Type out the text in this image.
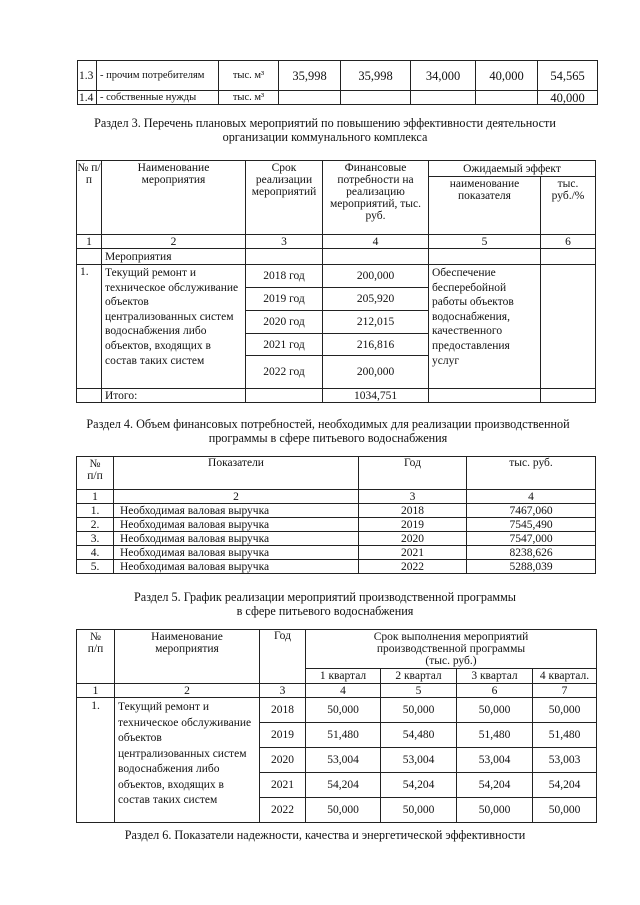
1.3	- прочим потребителям	тыс. м³	35,998	35,998	34,000	40,000	54,565
1.4	- собственные нужды	тыс. м³					40,000
Раздел 3. Перечень плановых мероприятий по повышению эффективности деятельности
организации коммунального комплекса
№ п/п	Наименование мероприятия	Срок реализации мероприятий	Финансовые потребности на реализацию мероприятий, тыс. руб.	Ожидаемый эффект	
				наименование показателя	тыс. руб./%
1	2	3	4	5	6
	Мероприятия				
1.	Текущий ремонт и техническое обслуживание объектов централизованных систем водоснабжения либо объектов, входящих в состав таких систем	2018 год	200,000	Обеспечение бесперебойной работы объектов водоснабжения, качественного предоставления услуг	
		2019 год	205,920		
		2020 год	212,015		
		2021 год	216,816		
		2022 год	200,000		
	Итого:		1034,751		
Раздел 4. Объем финансовых потребностей, необходимых для реализации производственной
программы в сфере питьевого водоснабжения
№ п/п	Показатели	Год	тыс. руб.
1	2	3	4
1.	Необходимая валовая выручка	2018	7467,060
2.	Необходимая валовая выручка	2019	7545,490
3.	Необходимая валовая выручка	2020	7547,000
4.	Необходимая валовая выручка	2021	8238,626
5.	Необходимая валовая выручка	2022	5288,039
Раздел 5. График реализации мероприятий производственной программы
в сфере питьевого водоснабжения
№ п/п	Наименование мероприятия	Год	Срок выполнения мероприятий производственной программы (тыс. руб.)			
			1 квартал	2 квартал	3 квартал	4 квартал.
1	2	3	4	5	6	7
1.	Текущий ремонт и техническое обслуживание объектов централизованных систем водоснабжения либо объектов, входящих в состав таких систем	2018	50,000	50,000	50,000	50,000
		2019	51,480	54,480	51,480	51,480
		2020	53,004	53,004	53,004	53,003
		2021	54,204	54,204	54,204	54,204
		2022	50,000	50,000	50,000	50,000
Раздел 6. Показатели надежности, качества и энергетической эффективности
